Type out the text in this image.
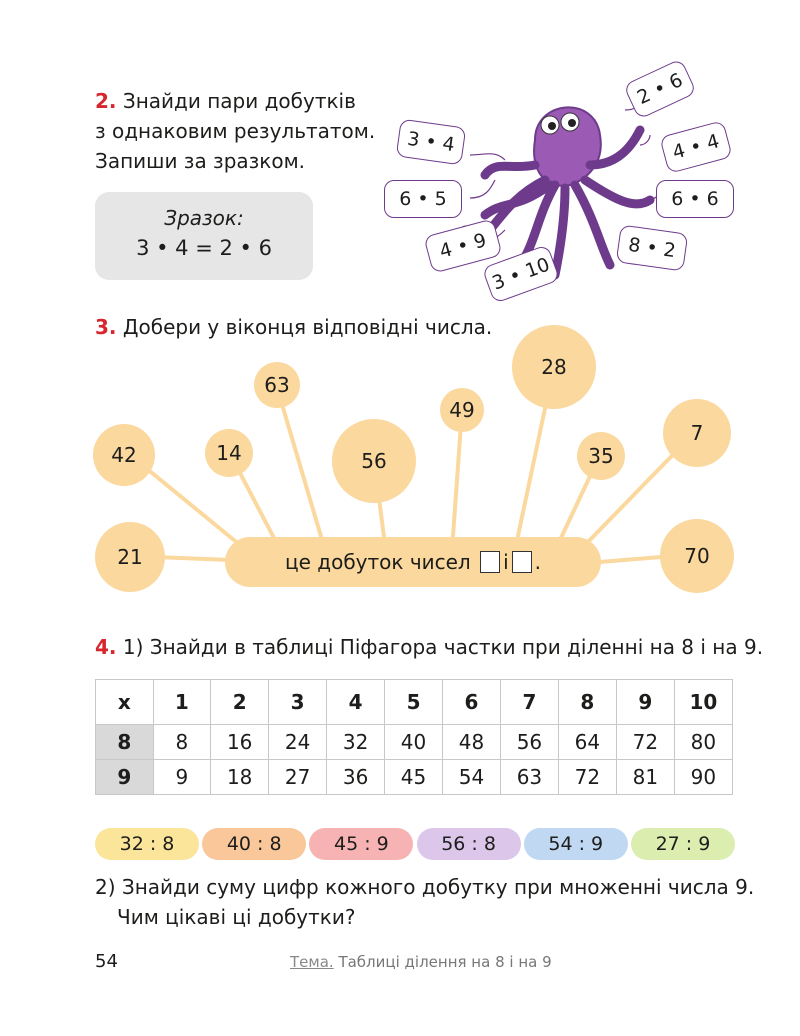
2. Знайди пари добутків
з однаковим результатом.
Запиши за зразком.
Зразок:
3 • 4 = 2 • 6
2 • 6
3 • 4	4 • 4
6 • 5	6 • 6
4 • 9	8 • 2
3 • 10
3. Добери у віконця відповідні числа.
63
28
49
42	14	56	35
7
21	70
це добуток чисел
і .
4. 1) Знайди в таблиці Піфагора частки при діленні на 8 і на 9.
х	1	2	3	4	5	6	7	8	9	10
8	8	16	24	32	40	48	56	64	72	80
9	9	18	27	36	45	54	63	72	81	90
32 : 8	40 : 8	45 : 9	56 : 8	54 : 9	27 : 9
2) Знайди суму цифр кожного добутку при множенні числа 9.
Чим цікаві ці добутки?
54	Тема. Таблиці ділення на 8 і на 9
